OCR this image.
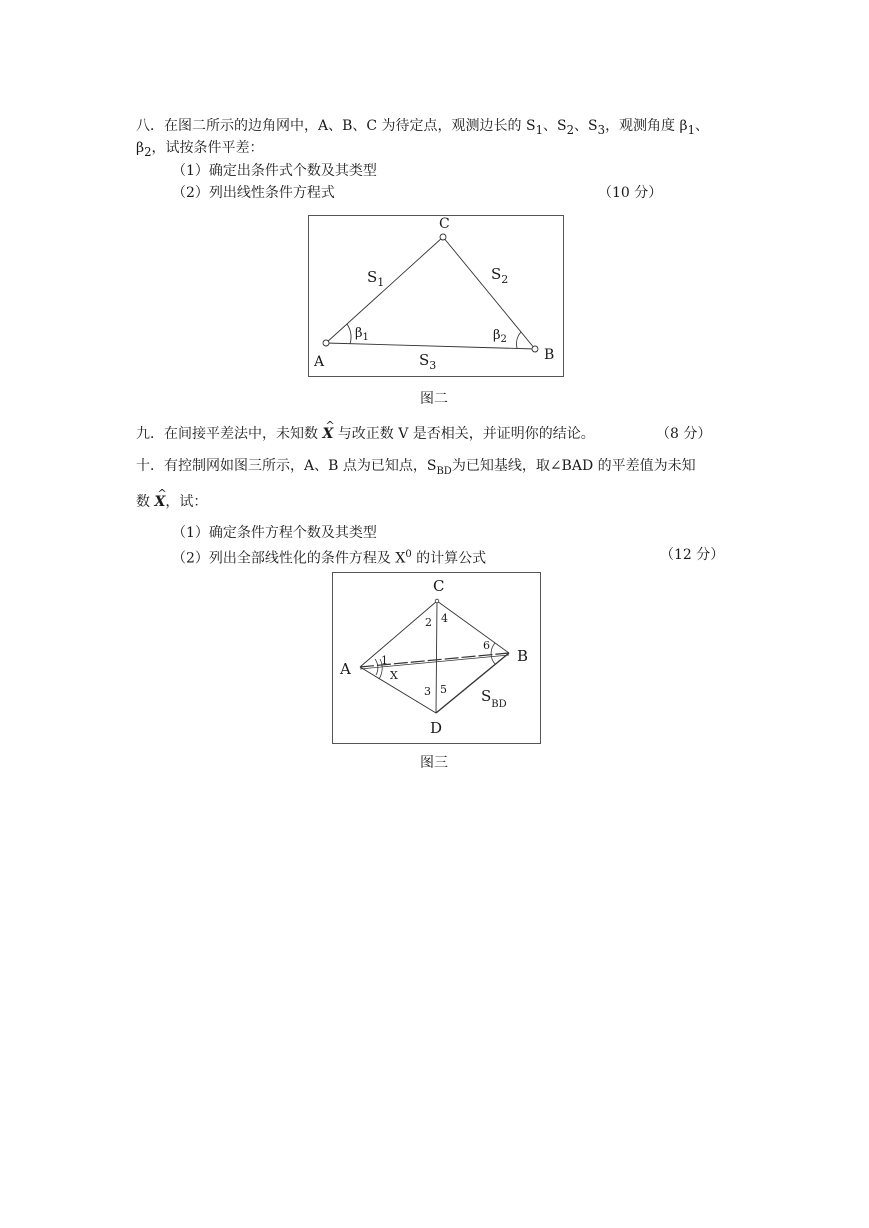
八．在图二所示的边角网中，A、B、C 为待定点，观测边长的 $S_1$、$S_2$、$S_3$，观测角度 $\beta_1$、
$\beta_2$，试按条件平差：
（1）确定出条件式个数及其类型
（2）列出线性条件方程式	（10 分）
C
A	B
$S_1$	$S_2$
$S_3$
$\beta_1$	$\beta_2$
图二
九．在间接平差法中，未知数 ^ X 与改正数 V 是否相关，并证明你的结论。	（8 分）
十．有控制网如图三所示，A、B 点为已知点，$S_{BD}$为已知基线，取∠BAD 的平差值为未知
数 ^ X，试：
（1）确定条件方程个数及其类型
（2）列出全部线性化的条件方程及 $X^0$ 的计算公式	（12 分）
C
A
B
D
1
2
3
4
5
6
X
$S_{BD}$
图三
